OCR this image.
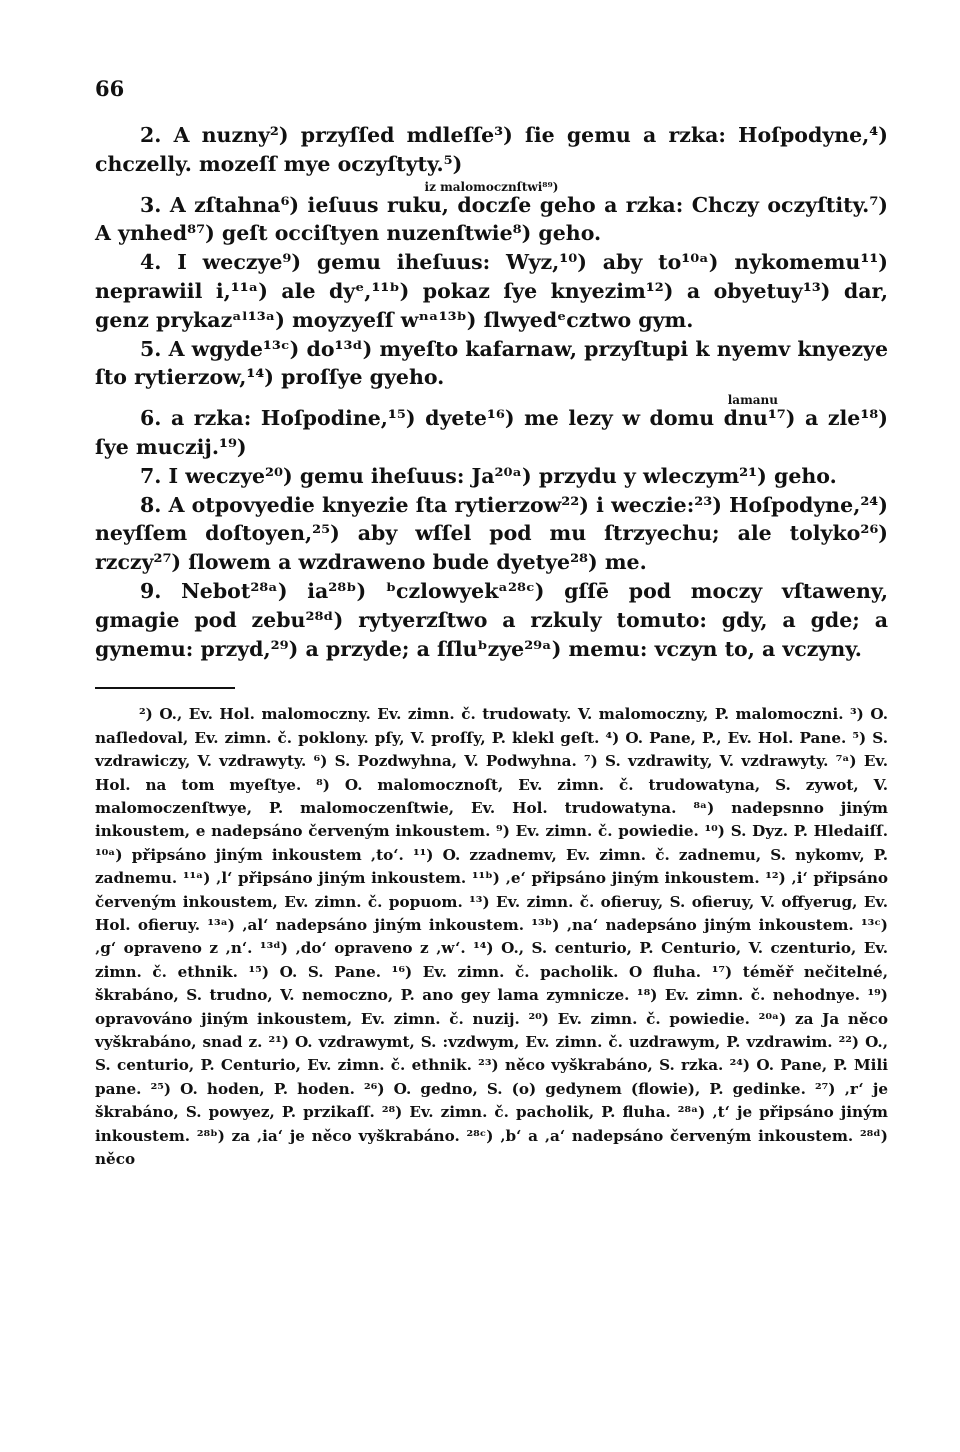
66

2. A nuzny²) przyſſed mdleſſe³) ſie gemu a rzka: Hoſpodyne,⁴) chczelly. mozeſſ mye oczyſtyty.⁵)

iz malomocznſtwi⁸⁹)

3. A zſtahna⁶) ieſuus ruku, doczſe geho a rzka: Chczy oczyſtity.⁷) A ynhed⁸⁷) geſt occiſtyen nuzenſtwie⁸) geho.

4. I weczye⁹) gemu iheſuus: Wyz,¹⁰) aby to¹⁰ᵃ) nykomemu¹¹) neprawiil i,¹¹ᵃ) ale dyᵉ,¹¹ᵇ) pokaz ſye knyezim¹²) a obyetuy¹³) dar, genz prykazᵃˡ¹³ᵃ) moyzyeſſ wⁿᵃ¹³ᵇ) ſlwyedᵉcztwo gym.

5. A wgyde¹³ᶜ) do¹³ᵈ) myeſto kafarnaw, przyſtupi k nyemv knyezye ſto rytierzow,¹⁴) proſſye gyeho.

lamanu

6. a rzka: Hoſpodine,¹⁵) dyete¹⁶) me lezy w domu dnu¹⁷) a zle¹⁸) ſye muczij.¹⁹)

7. I weczye²⁰) gemu iheſuus: Ja²⁰ᵃ) przydu y wleczym²¹) geho.

8. A otpovyedie knyezie ſta rytierzow²²) i weczie:²³) Hoſpodyne,²⁴) neyſſem doſtoyen,²⁵) aby wſſel pod mu ſtrzyechu; ale tolyko²⁶) rzczy²⁷) ſlowem a wzdraweno bude dyetye²⁸) me.

9. Nebot²⁸ᵃ) ia²⁸ᵇ) ᵇczlowyekᵃ²⁸ᶜ) gſſē pod moczy vſtaweny, gmagie pod zebu²⁸ᵈ) rytyerzſtwo a rzkuly tomuto: gdy, a gde; a gynemu: przyd,²⁹) a przyde; a ſſluᵇzye²⁹ᵃ) memu: vczyn to, a vczyny.

²) O., Ev. Hol. malomoczny. Ev. zimn. č. trudowaty. V. malomoczny, P. malomoczni. ³) O. naſledoval, Ev. zimn. č. poklony. pſy, V. proſſy, P. klekl geſt. ⁴) O. Pane, P., Ev. Hol. Pane. ⁵) S. vzdrawiczy, V. vzdrawyty. ⁶) S. Pozdwyhna, V. Podwyhna. ⁷) S. vzdrawity, V. vzdrawyty. ⁷ᵃ) Ev. Hol. na tom myeſtye. ⁸) O. malomocznoſt, Ev. zimn. č. trudowatyna, S. zywot, V. malomoczenſtwye, P. malomoczenſtwie, Ev. Hol. trudowatyna. ⁸ᵃ) nadepsnno jiným inkoustem, e nadepsáno červeným inkoustem. ⁹) Ev. zimn. č. powiedie. ¹⁰) S. Dyz. P. Hledaiſſ. ¹⁰ᵃ) připsáno jiným inkoustem ‚to‘. ¹¹) O. zzadnemv, Ev. zimn. č. zadnemu, S. nykomv, P. zadnemu. ¹¹ᵃ) ‚l‘ připsáno jiným inkoustem. ¹¹ᵇ) ‚e‘ připsáno jiným inkoustem. ¹²) ‚i‘ připsáno červeným inkoustem, Ev. zimn. č. popuom. ¹³) Ev. zimn. č. ofieruy, S. ofieruy, V. offyerug, Ev. Hol. ofieruy. ¹³ᵃ) ‚al‘ nadepsáno jiným inkoustem. ¹³ᵇ) ‚na‘ nadepsáno jiným inkoustem. ¹³ᶜ) ‚g‘ opraveno z ‚n‘. ¹³ᵈ) ‚do‘ opraveno z ‚w‘. ¹⁴) O., S. centurio, P. Centurio, V. czenturio, Ev. zimn. č. ethnik. ¹⁵) O. S. Pane. ¹⁶) Ev. zimn. č. pacholik. O fluha. ¹⁷) téměř nečitelné, škrabáno, S. trudno, V. nemoczno, P. ano gey lama zymnicze. ¹⁸) Ev. zimn. č. nehodnye. ¹⁹) opravováno jiným inkoustem, Ev. zimn. č. nuzij. ²⁰) Ev. zimn. č. powiedie. ²⁰ᵃ) za Ja něco vyškrabáno, snad z. ²¹) O. vzdrawymt, S. :vzdwym, Ev. zimn. č. uzdrawym, P. vzdrawim. ²²) O., S. centurio, P. Centurio, Ev. zimn. č. ethnik. ²³) něco vyškrabáno, S. rzka. ²⁴) O. Pane, P. Mili pane. ²⁵) O. hoden, P. hoden. ²⁶) O. gedno, S. (o) gedynem (flowie), P. gedinke. ²⁷) ‚r‘ je škrabáno, S. powyez, P. przikaſſ. ²⁸) Ev. zimn. č. pacholik, P. fluha. ²⁸ᵃ) ‚t‘ je připsáno jiným inkoustem. ²⁸ᵇ) za ‚ia‘ je něco vyškrabáno. ²⁸ᶜ) ‚b‘ a ‚a‘ nadepsáno červeným inkoustem. ²⁸ᵈ) něco
